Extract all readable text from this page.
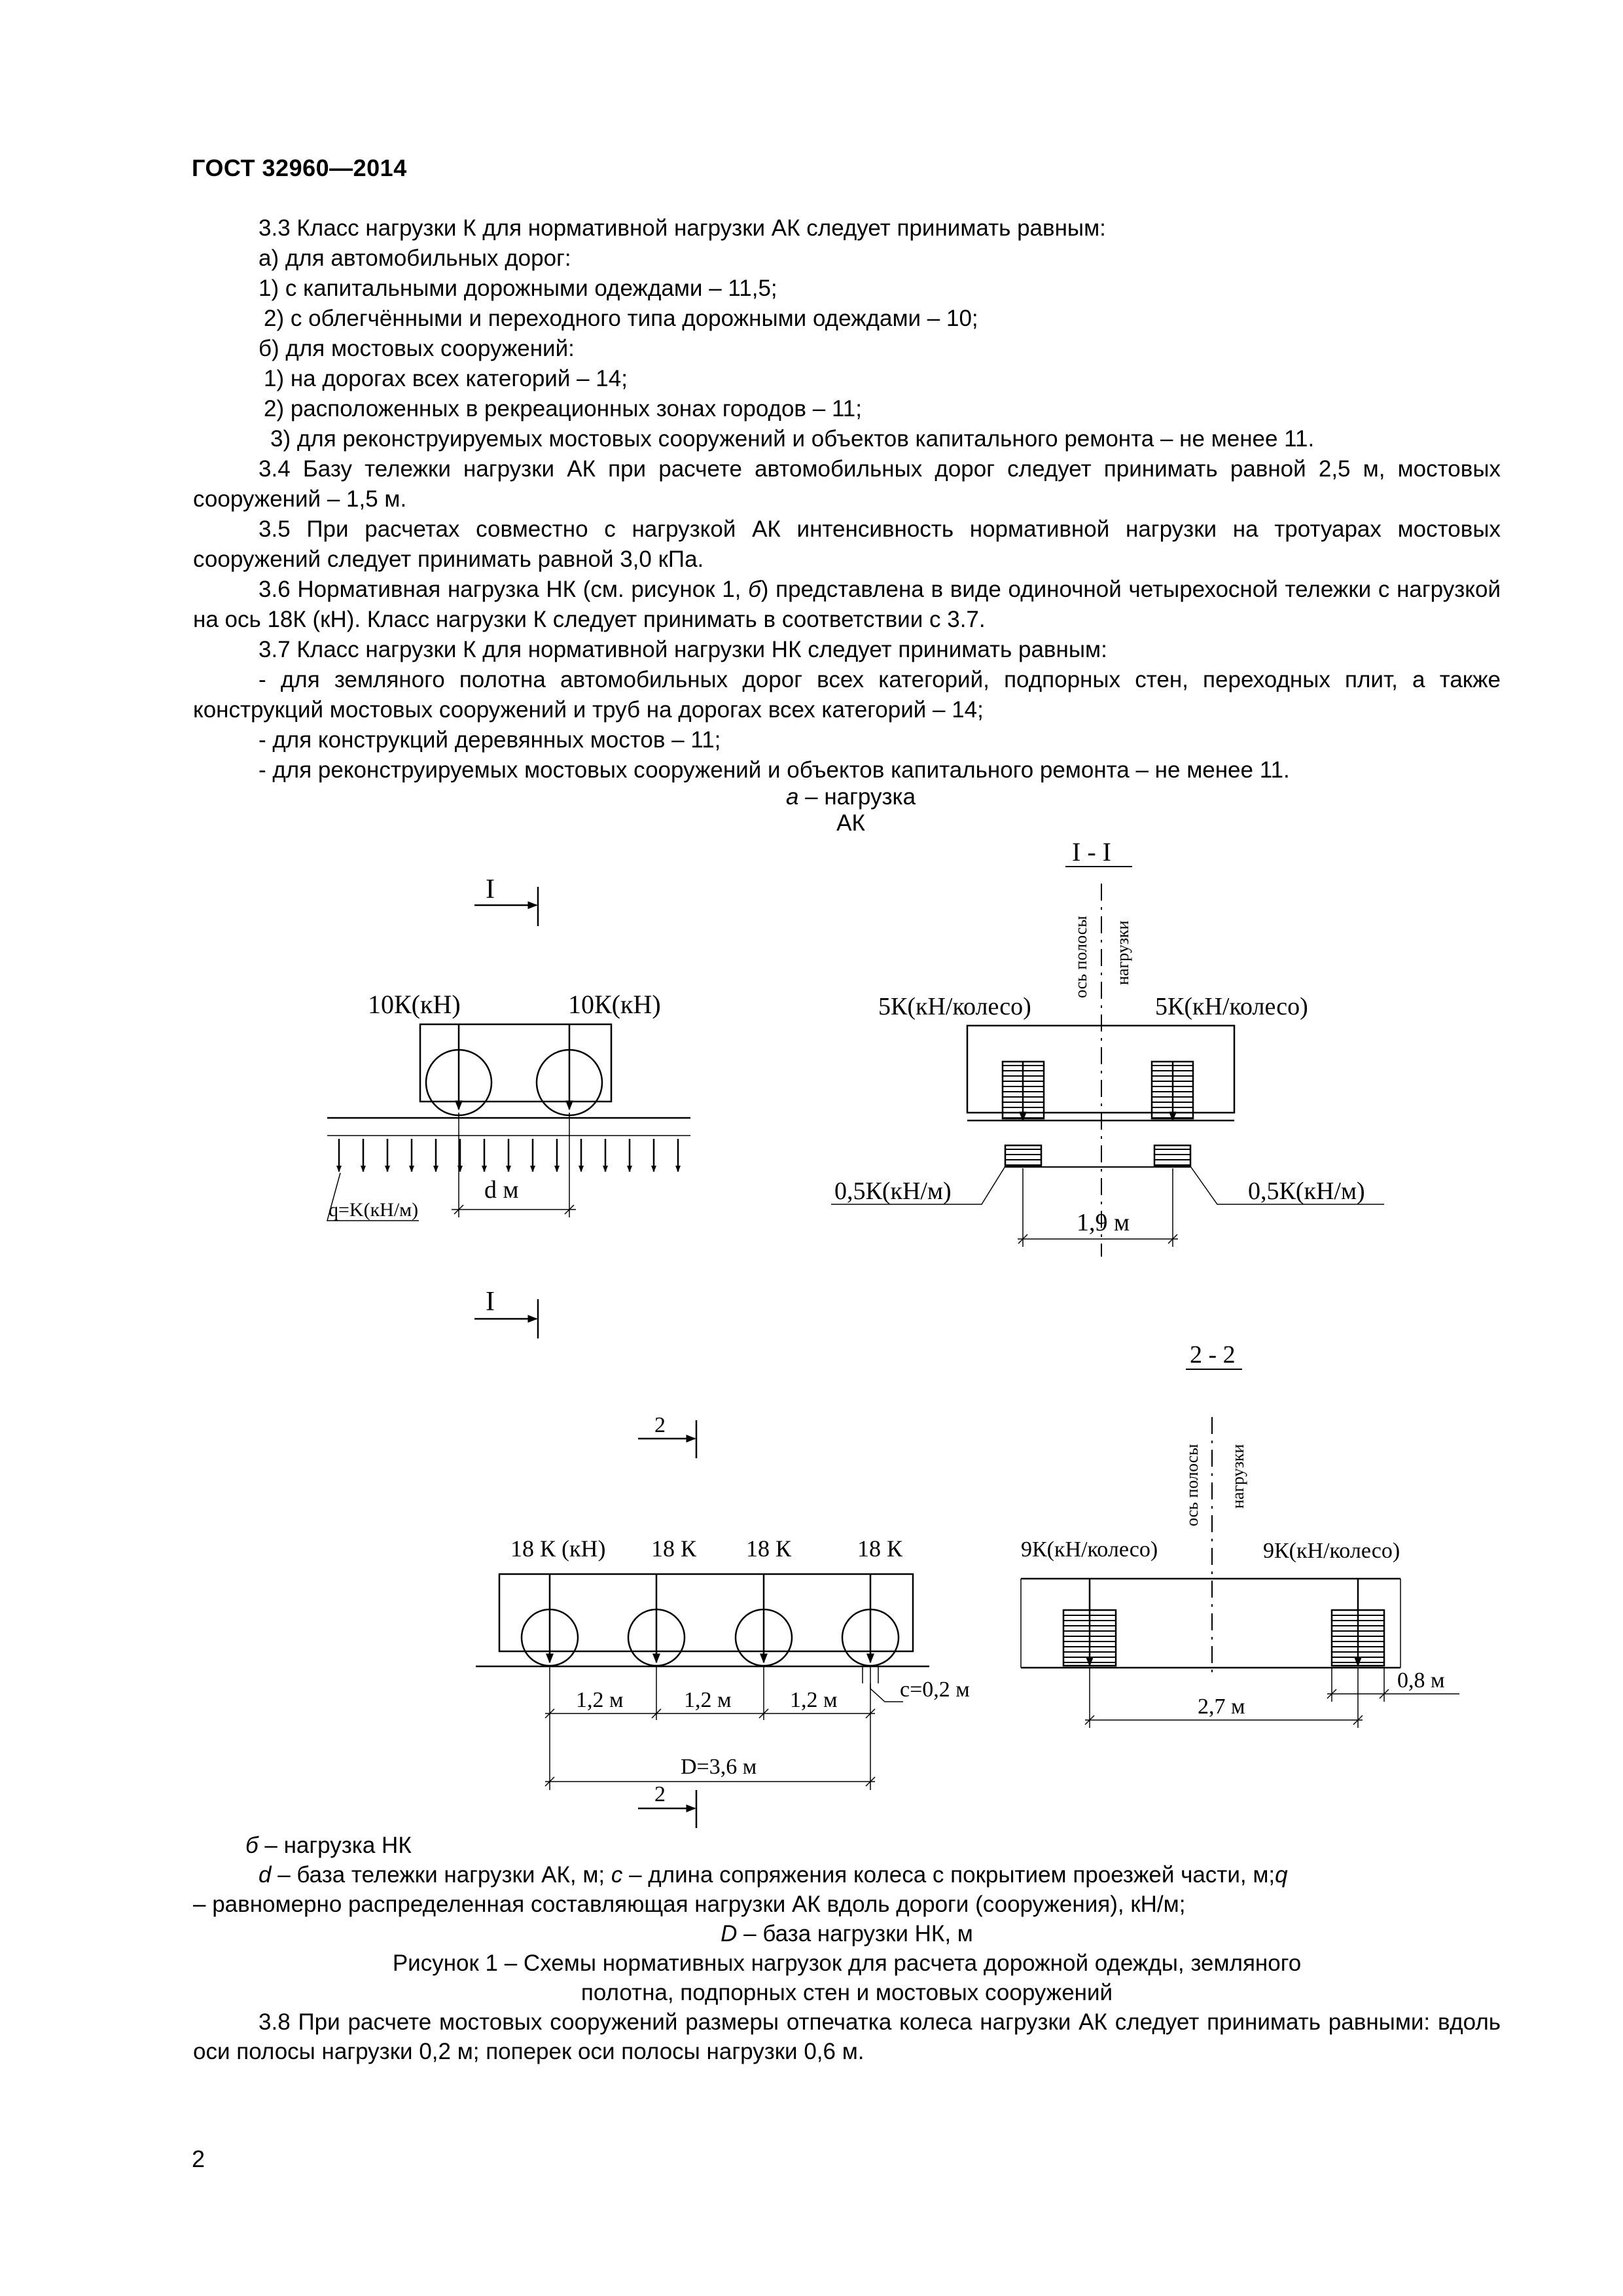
ГОСТ 32960—2014

3.3 Класс нагрузки К для нормативной нагрузки АК следует принимать равным:

а) для автомобильных дорог:

1) с капитальными дорожными одеждами – 11,5;

2) с облегчёнными и переходного типа дорожными одеждами – 10;

б) для мостовых сооружений:

1) на дорогах всех категорий – 14;

2) расположенных в рекреационных зонах городов – 11;

3) для реконструируемых мостовых сооружений и объектов капитального ремонта – не менее 11.

3.4 Базу тележки нагрузки АК при расчете автомобильных дорог следует принимать равной 2,5 м, мостовых сооружений – 1,5 м.

3.5 При расчетах совместно с нагрузкой АК интенсивность нормативной нагрузки на тротуарах мостовых сооружений следует принимать равной 3,0 кПа.

3.6 Нормативная нагрузка НК (см. рисунок 1, б) представлена в виде одиночной четырехосной тележки с нагрузкой на ось 18К (кН). Класс нагрузки К следует принимать в соответствии с 3.7.

3.7 Класс нагрузки К для нормативной нагрузки НК следует принимать равным:

- для земляного полотна автомобильных дорог всех категорий, подпорных стен, переходных плит, а также конструкций мостовых сооружений и труб на дорогах всех категорий – 14;

- для конструкций деревянных мостов – 11;

- для реконструируемых мостовых сооружений и объектов капитального ремонта – не менее 11.

а – нагрузка АК
I
I
10К(кН)	10К(кН)
d м
q=K(кН/м)
I - I
ось полосы нагрузки
5К(кН/колесо)	5К(кН/колесо)
0,5К(кН/м)	0,5К(кН/м)
1,9 м
2
2
18 К (кН) 18 К 18 К	18 К
1,2 м	1,2 м	1,2 м	с=0,2 м
D=3,6 м
2 - 2
ось полосы нагрузки
9К(кН/колесо)	9К(кН/колесо)
2,7 м
0,8 м

б – нагрузка НК

d – база тележки нагрузки АК, м; c – длина сопряжения колеса с покрытием проезжей части, м;q

– равномерно распределенная составляющая нагрузки АК вдоль дороги (сооружения), кН/м;

D – база нагрузки НК, м

Рисунок 1 – Схемы нормативных нагрузок для расчета дорожной одежды, земляного

полотна, подпорных стен и мостовых сооружений

3.8 При расчете мостовых сооружений размеры отпечатка колеса нагрузки АК следует принимать равными: вдоль оси полосы нагрузки 0,2 м; поперек оси полосы нагрузки 0,6 м.

2
